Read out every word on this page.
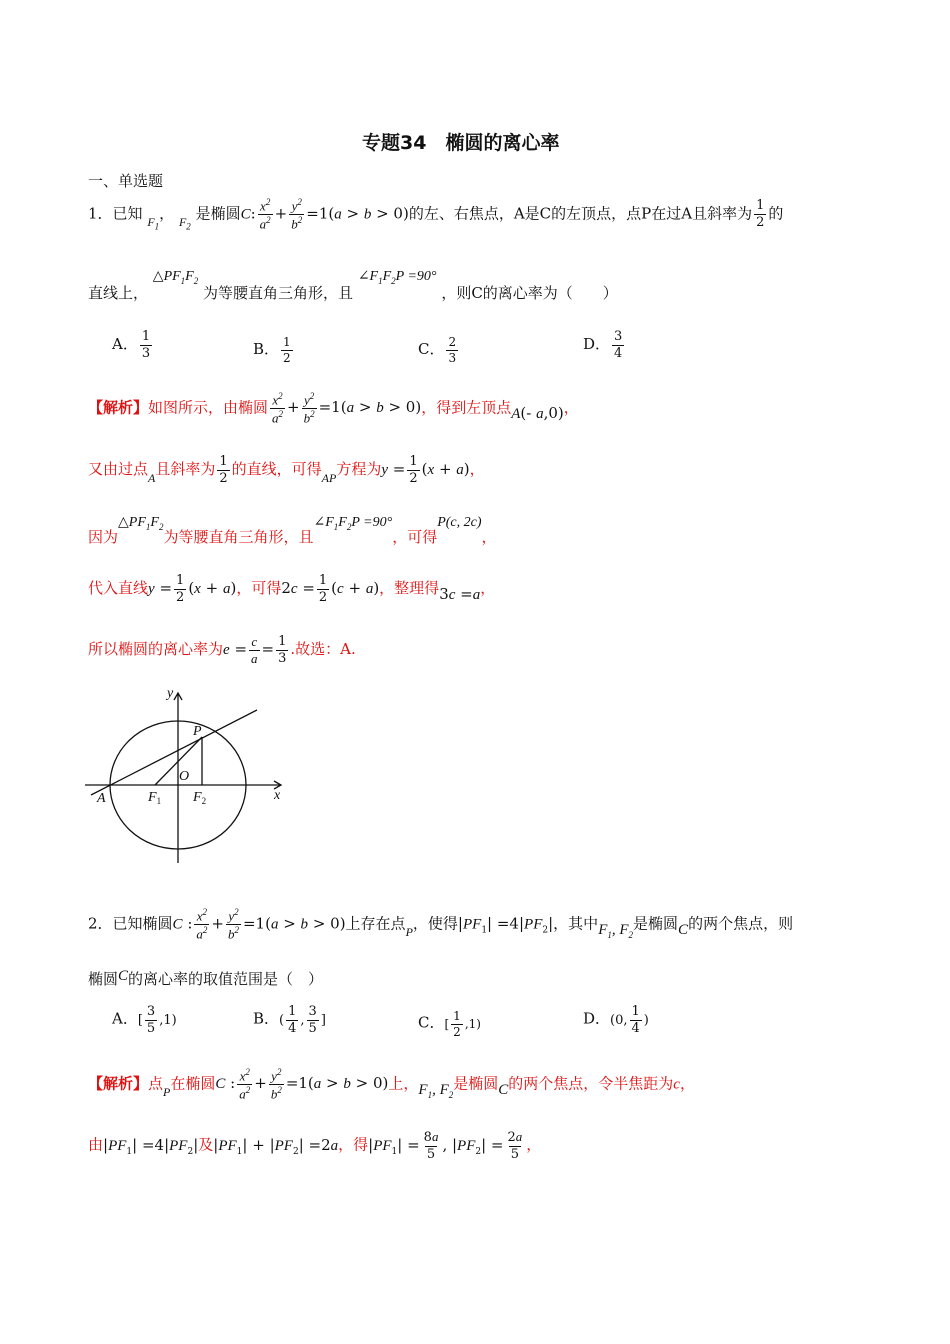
专题34　椭圆的离心率
一、单选题
1．已知 $_{F_1}$， $_{F_2}$ 是椭圆C: $\frac{x^2}{a^2} + \frac{y^2}{b^2} =1(a > b > 0)$的左、右焦点，A是C的左顶点，点P在过A且斜率为 $\frac{1}{2}$ 的
直线上， $\triangle PF_1F_2$ 为等腰直角三角形，且 $\angle F_1F_2P =90^\circ$ ，则C的离心率为（　　）
A． $\frac{1}{3}$	B． $\frac{1}{2}$	C． $\frac{2}{3}$	D． $\frac{3}{4}$
【解析】如图所示，由椭圆 $\frac{x^2}{a^2} + \frac{y^2}{b^2} =1(a > b > 0)$，得到左顶点A(- a,0)，
又由过点$_A$且斜率为 $\frac{1}{2}$ 的直线，可得$_{AP}$方程为$y = \frac{1}{2} (x + a)$，
因为$\triangle PF_1F_2$为等腰直角三角形，且$\angle F_1F_2P =90^\circ$，可得P(c, 2c)，
代入直线$y = \frac{1}{2} (x + a)$，可得$2c = \frac{1}{2} (c + a)$，整理得3c =a，
所以椭圆的离心率为$e = \frac{c}{a} = \frac{1}{3}$ .故选：A.
y
x
P
O
A	$F_1$ $F_2$
2．已知椭圆C : $\frac{x^2}{a^2} + \frac{y^2}{b^2} =1(a > b > 0)$上存在点$_P$，使得$|PF_1| =4|PF_2|$，其中$F_1$, $F_2$是椭圆C的两个焦点，则
椭圆C的离心率的取值范围是（　）
A．[ $\frac{3}{5} ,1$)	B．( $\frac{1}{4}$ , $\frac{3}{5}$ ]	C．[ $\frac{1}{2} ,1$)	D．(0, $\frac{1}{4}$ )
【解析】点$_P$在椭圆C : $\frac{x^2}{a^2} + \frac{y^2}{b^2} =1(a > b > 0)$上，$F_1$, $F_2$是椭圆C的两个焦点，令半焦距为c，
由$|PF_1| =4|PF_2|$及$|PF_1| + |PF_2| =2a$，得$|PF_1| = \frac{8a}{5}$ , $|PF_2| = \frac{2a}{5}$ ，
